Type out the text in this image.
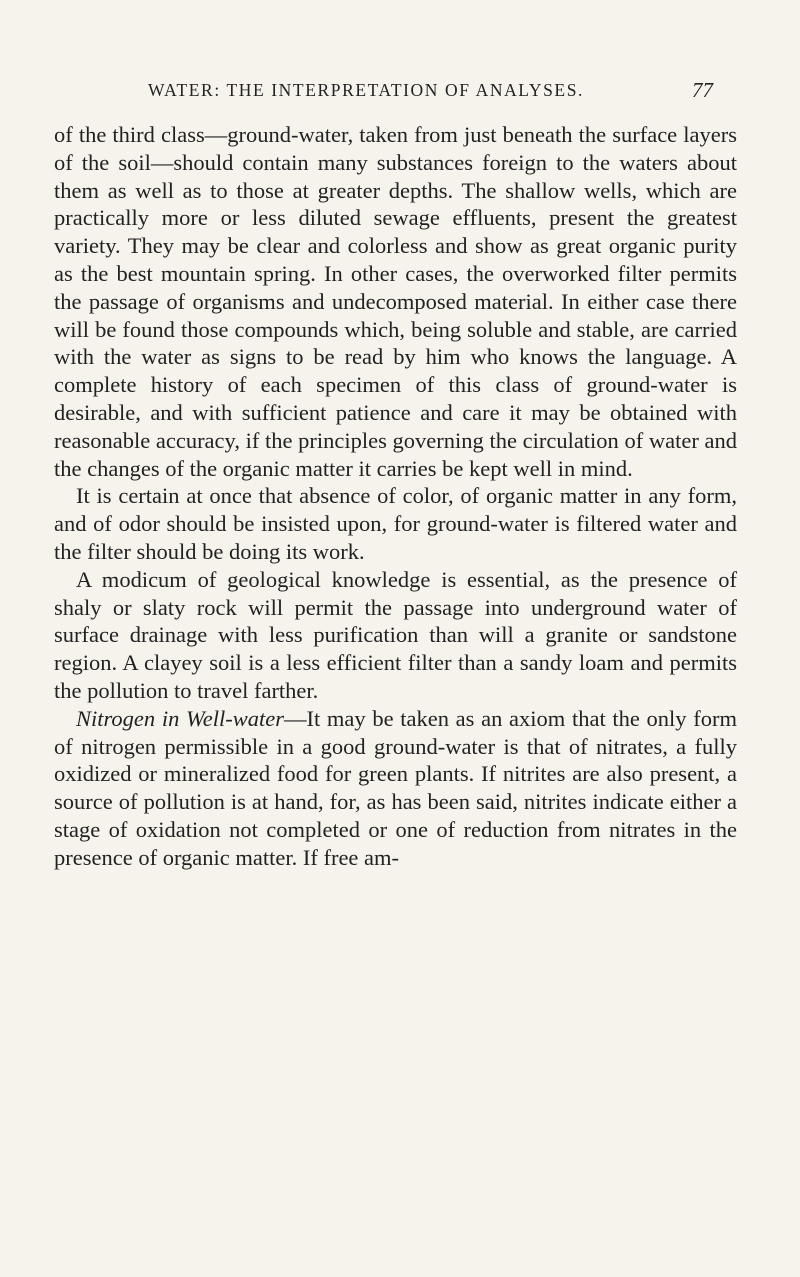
WATER: THE INTERPRETATION OF ANALYSES.	77

of the third class—ground-water, taken from just beneath the surface layers of the soil—should contain many substances foreign to the waters about them as well as to those at greater depths. The shallow wells, which are practically more or less diluted sewage effluents, present the greatest variety. They may be clear and colorless and show as great organic purity as the best mountain spring. In other cases, the overworked filter permits the passage of organisms and undecomposed material. In either case there will be found those compounds which, being soluble and stable, are carried with the water as signs to be read by him who knows the language. A complete history of each specimen of this class of ground-water is desirable, and with sufficient patience and care it may be obtained with reasonable accuracy, if the principles governing the circulation of water and the changes of the organic matter it carries be kept well in mind.

It is certain at once that absence of color, of organic matter in any form, and of odor should be insisted upon, for ground-water is filtered water and the filter should be doing its work.

A modicum of geological knowledge is essential, as the presence of shaly or slaty rock will permit the passage into underground water of surface drainage with less purification than will a granite or sandstone region. A clayey soil is a less efficient filter than a sandy loam and permits the pollution to travel farther.

Nitrogen in Well-water—It may be taken as an axiom that the only form of nitrogen permissible in a good ground-water is that of nitrates, a fully oxidized or mineralized food for green plants. If nitrites are also present, a source of pollution is at hand, for, as has been said, nitrites indicate either a stage of oxidation not completed or one of reduction from nitrates in the presence of organic matter. If free am-
